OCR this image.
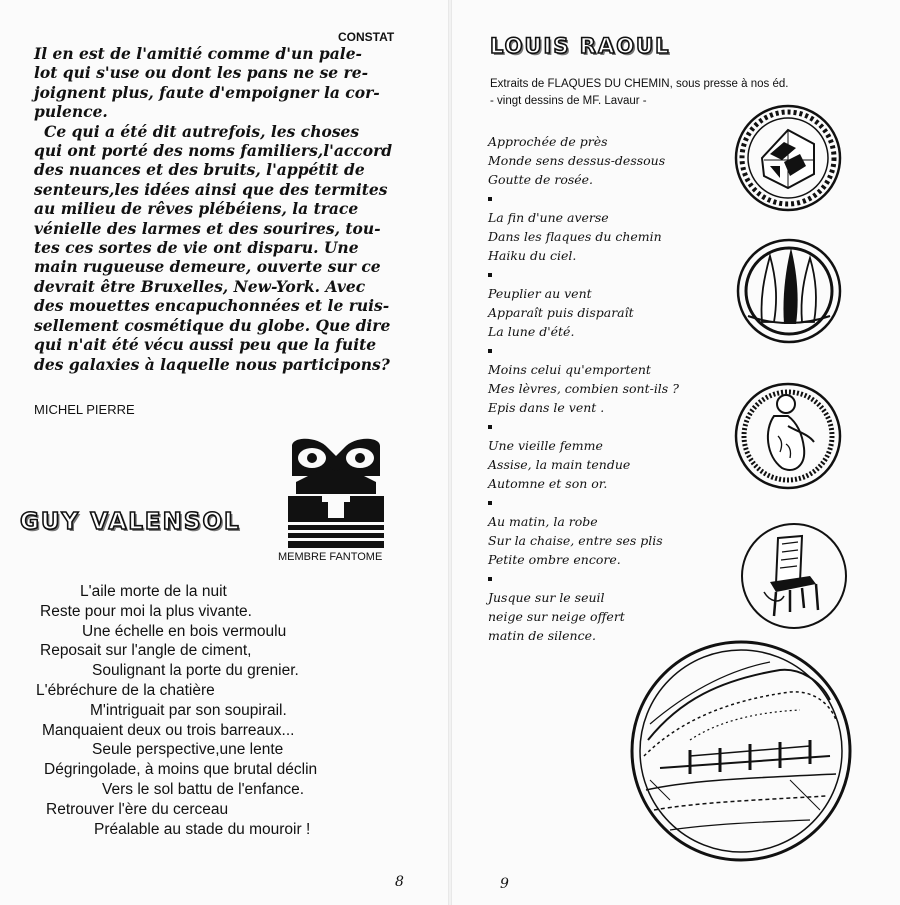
CONSTAT
Il en est de l'amitié comme d'un pale-
lot qui s'use ou dont les pans ne se re-
joignent plus, faute d'empoigner la cor-
pulence.
Ce qui a été dit autrefois, les choses
qui ont porté des noms familiers,l'accord
des nuances et des bruits, l'appétit de
senteurs,les idées ainsi que des termites
au milieu de rêves plébéiens, la trace
vénielle des larmes et des sourires, tou-
tes ces sortes de vie ont disparu. Une
main rugueuse demeure, ouverte sur ce
devrait être Bruxelles, New-York. Avec
des mouettes encapuchonnées et le ruis-
sellement cosmétique du globe. Que dire
qui n'ait été vécu aussi peu que la fuite
des galaxies à laquelle nous participons?
MICHEL PIERRE
MEMBRE FANTOME
GUY VALENSOL
L'aile morte de la nuit
Reste pour moi la plus vivante.
Une échelle en bois vermoulu
Reposait sur l'angle de ciment,
Soulignant la porte du grenier.
L'ébréchure de la chatière
M'intriguait par son soupirail.
Manquaient deux ou trois barreaux...
Seule perspective,une lente
Dégringolade, à moins que brutal déclin
Vers le sol battu de l'enfance.
Retrouver l'ère du cerceau
Préalable au stade du mouroir !
8
LOUIS RAOUL
Extraits de FLAQUES DU CHEMIN, sous presse à nos éd.
- vingt dessins de MF. Lavaur -
Approchée de près
Monde sens dessus-dessous
Goutte de rosée.
La fin d'une averse
Dans les flaques du chemin
Haiku du ciel.
Peuplier au vent
Apparaît puis disparaît
La lune d'été.
Moins celui qu'emportent
Mes lèvres, combien sont-ils ?
Epis dans le vent .
Une vieille femme
Assise, la main tendue
Automne et son or.
Au matin, la robe
Sur la chaise, entre ses plis
Petite ombre encore.
Jusque sur le seuil
neige sur neige offert
matin de silence.
9
